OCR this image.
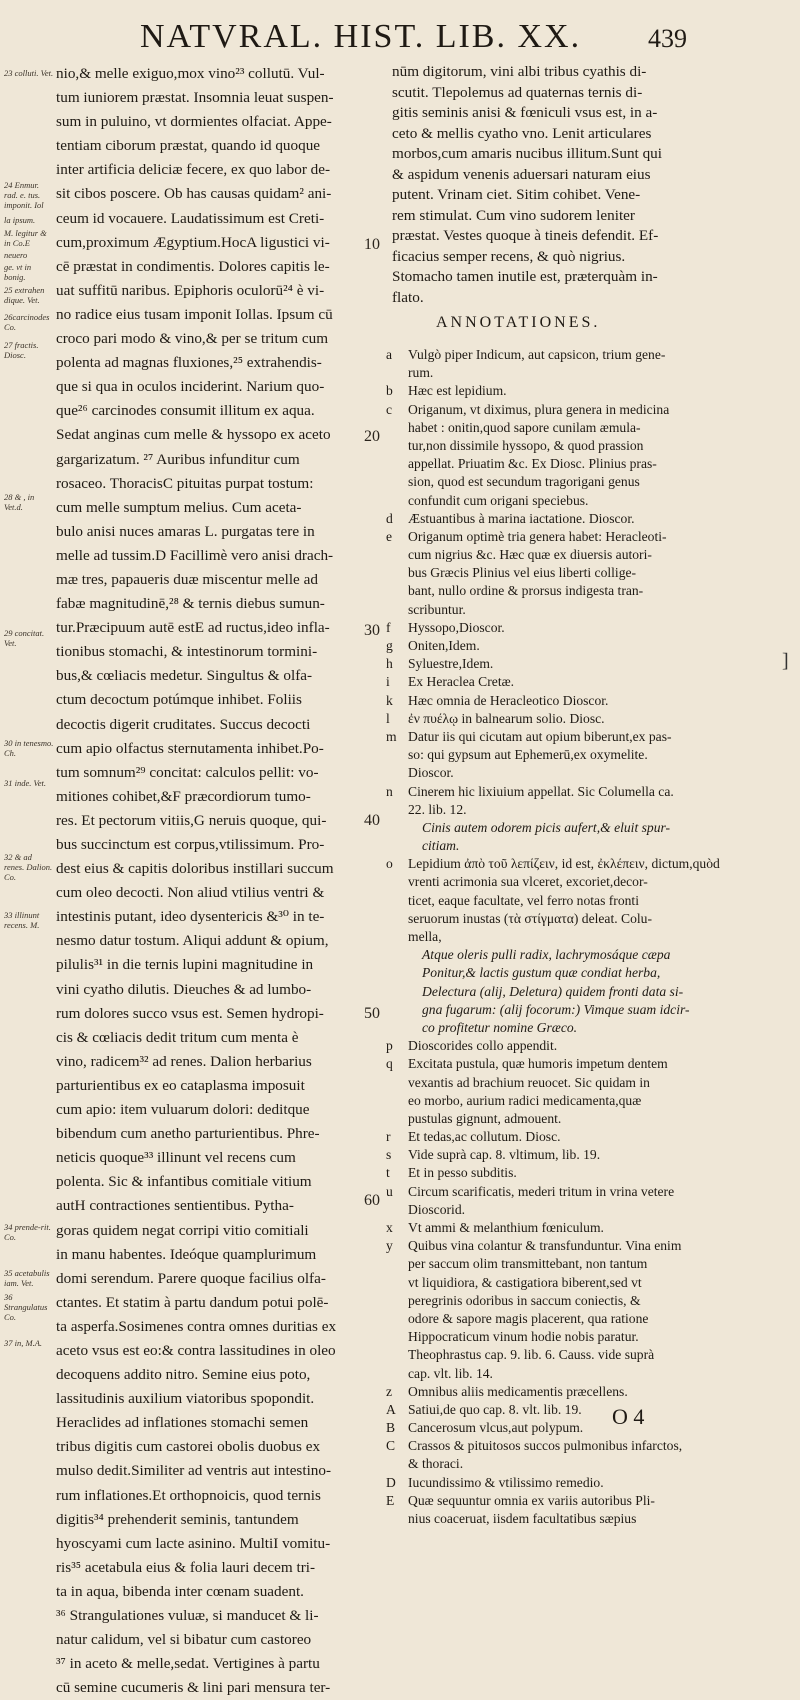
NATVRAL. HIST. LIB. XX.	439
23 colluti. Vet.
24 Enmur. rad. e. tus. imponit. Iol
la ipsum.
M. legitur & in Co.E
neuero
ge. vt in bonig.
25 extrahen dique. Vet.
26carcinodes Co.
27 fractis. Diosc.
28 & , in Vet.d.
29 concitat. Vet.
30 in tenesmo. Ch.
31 inde. Vet.
32 & ad renes. Dalion. Co.
33 illinunt recens. M.
34 prende-rit. Co.
35 acetabulis iam. Vet.
36 Strangulatus Co.
37 in, M.A.
nio,& melle exiguo,mox vino²³ collutū. Vul-
tum iuniorem præstat. Insomnia leuat suspen-
sum in puluino, vt dormientes olfaciat. Appe-
tentiam ciborum præstat, quando id quoque
inter artificia deliciæ fecere, ex quo labor de-
sit cibos poscere. Ob has causas quidam² ani-
ceum id vocauere. Laudatissimum est Creti-
cum,proximum Ægyptium.HocA ligustici vi-
cē præstat in condimentis. Dolores capitis le-
uat suffitū naribus. Epiphoris oculorū²⁴ è vi-
no radice eius tusam imponit Iollas. Ipsum cū
croco pari modo & vino,& per se tritum cum
polenta ad magnas fluxiones,²⁵ extrahendis-
que si qua in oculos inciderint. Narium quo-
que²⁶ carcinodes consumit illitum ex aqua.
Sedat anginas cum melle & hyssopo ex aceto
gargarizatum. ²⁷ Auribus infunditur cum
rosaceo. ThoracisC pituitas purpat tostum:
cum melle sumptum melius. Cum aceta-
bulo anisi nuces amaras L. purgatas tere in
melle ad tussim.D Facillimè vero anisi drach-
mæ tres, papaueris duæ miscentur melle ad
fabæ magnitudinē,²⁸ & ternis diebus sumun-
tur.Præcipuum autē estE ad ructus,ideo infla-
tionibus stomachi, & intestinorum tormini-
bus,& cœliacis medetur. Singultus & olfa-
ctum decoctum potúmque inhibet. Foliis
decoctis digerit cruditates. Succus decocti
cum apio olfactus sternutamenta inhibet.Po-
tum somnum²⁹ concitat: calculos pellit: vo-
mitiones cohibet,&F præcordiorum tumo-
res. Et pectorum vitiis,G neruis quoque, qui-
bus succinctum est corpus,vtilissimum. Pro-
dest eius & capitis doloribus instillari succum
cum oleo decocti. Non aliud vtilius ventri &
intestinis putant, ideo dysentericis &³⁰ in te-
nesmo datur tostum. Aliqui addunt & opium,
pilulis³¹ in die ternis lupini magnitudine in
vini cyatho dilutis. Dieuches & ad lumbo-
rum dolores succo vsus est. Semen hydropi-
cis & cœliacis dedit tritum cum menta è
vino, radicem³² ad renes. Dalion herbarius
parturientibus ex eo cataplasma imposuit
cum apio: item vuluarum dolori: deditque
bibendum cum anetho parturientibus. Phre-
neticis quoque³³ illinunt vel recens cum
polenta. Sic & infantibus comitiale vitium
autH contractiones sentientibus. Pytha-
goras quidem negat corripi vitio comitiali
in manu habentes. Ideóque quamplurimum
domi serendum. Parere quoque facilius olfa-
ctantes. Et statim à partu dandum potui polē-
ta asperfa.Sosimenes contra omnes duritias ex
aceto vsus est eo:& contra lassitudines in oleo
decoquens addito nitro. Semine eius poto,
lassitudinis auxilium viatoribus spopondit.
Heraclides ad inflationes stomachi semen
tribus digitis cum castorei obolis duobus ex
mulso dedit.Similiter ad ventris aut intestino-
rum inflationes.Et orthopnoicis, quod ternis
digitis³⁴ prehenderit seminis, tantundem
hyoscyami cum lacte asinino. MultiI vomitu-
ris³⁵ acetabula eius & folia lauri decem tri-
ta in aqua, bibenda inter cœnam suadent.
³⁶ Strangulationes vuluæ, si manducet & li-
natur calidum, vel si bibatur cum castoreo
³⁷ in aceto & melle,sedat. Vertigines à partu
cū semine cucumeris & lini pari mensura ter-
10
20
30
40
50
60
nūm digitorum, vini albi tribus cyathis di-
scutit. Tlepolemus ad quaternas ternis di-
gitis seminis anisi & fœniculi vsus est, in a-
ceto & mellis cyatho vno. Lenit articulares
morbos,cum amaris nucibus illitum.Sunt qui
& aspidum venenis aduersari naturam eius
putent. Vrinam ciet. Sitim cohibet. Vene-
rem stimulat. Cum vino sudorem leniter
præstat. Vestes quoque à tineis defendit. Ef-
ficacius semper recens, & quò nigrius.
Stomacho tamen inutile est, præterquàm in-
flato.
ANNOTATIONES.
a	Vulgò piper Indicum, aut capsicon, trium gene-
rum.
b	Hæc est lepidium.
c	Origanum, vt diximus, plura genera in medicina
habet : onitin,quod sapore cunilam æmula-
tur,non dissimile hyssopo, & quod prassion
appellat. Priuatim &c. Ex Diosc. Plinius pras-
sion, quod est secundum tragorigani genus
confundit cum origani speciebus.
d	Æstuantibus à marina iactatione. Dioscor.
e	Origanum optimè tria genera habet: Heracleoti-
cum nigrius &c. Hæc quæ ex diuersis autori-
bus Græcis Plinius vel eius liberti collige-
bant, nullo ordine & prorsus indigesta tran-
scribuntur.
f	Hyssopo,Dioscor.
g	Oniten,Idem.
h	Syluestre,Idem.
i	Ex Heraclea Cretæ.
k	Hæc omnia de Heracleotico Dioscor.
l	ἐν πυέλῳ in balnearum solio. Diosc.
m Datur iis qui cicutam aut opium biberunt,ex pas-
so: qui gypsum aut Ephemerū,ex oxymelite.
Dioscor.
n	Cinerem hic lixiuium appellat. Sic Columella ca.
22. lib. 12.
Cinis autem odorem picis aufert,& eluit spur-
citiam.
o	Lepidium ἀπὸ τοῦ λεπίζειν, id est, ἐκλέπειν, dictum,quòd
vrenti acrimonia sua vlceret, excoriet,decor-
ticet, eaque facultate, vel ferro notas fronti
seruorum inustas (τὰ στίγματα) deleat. Colu-
mella,
Atque oleris pulli radix, lachrymosáque cæpa
Ponitur,& lactis gustum quæ condiat herba,
Delectura (alij, Deletura) quidem fronti data si-
gna fugarum: (alij focorum:) Vimque suam idcir-
co profitetur nomine Græco.
p	Dioscorides collo appendit.
q	Excitata pustula, quæ humoris impetum dentem
vexantis ad brachium reuocet. Sic quidam in
eo morbo, aurium radici medicamenta,quæ
pustulas gignunt, admouent.
r	Et tedas,ac collutum. Diosc.
s	Vide suprà cap. 8. vltimum, lib. 19.
t	Et in pesso subditis.
u	Circum scarificatis, mederi tritum in vrina vetere
Dioscorid.
x	Vt ammi & melanthium fœniculum.
y	Quibus vina colantur & transfunduntur. Vina enim
per saccum olim transmittebant, non tantum
vt liquidiora, & castigatiora biberent,sed vt
peregrinis odoribus in saccum coniectis, &
odore & sapore magis placerent, qua ratione
Hippocraticum vinum hodie nobis paratur.
Theophrastus cap. 9. lib. 6. Causs. vide suprà
cap. vlt. lib. 14.
z	Omnibus aliis medicamentis præcellens.
A Satiui,de quo cap. 8. vlt. lib. 19.
B Cancerosum vlcus,aut polypum.
C Crassos & pituitosos succos pulmonibus infarctos,
& thoraci.
D Iucundissimo & vtilissimo remedio.
E	Quæ sequuntur omnia ex variis autoribus Pli-
nius coaceruat, iisdem facultatibus sæpius
]
O 4
